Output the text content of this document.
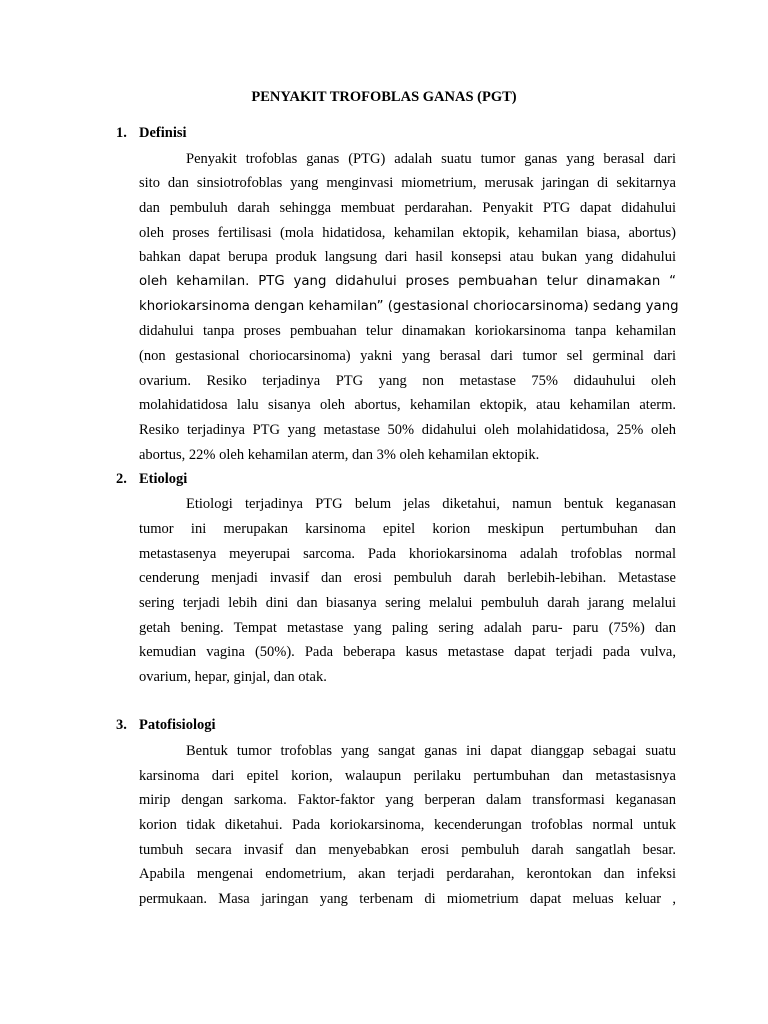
PENYAKIT TROFOBLAS GANAS (PGT)
1. Definisi
Penyakit trofoblas ganas (PTG) adalah suatu tumor ganas yang berasal dari
sito dan sinsiotrofoblas yang menginvasi miometrium, merusak jaringan di sekitarnya
dan pembuluh darah sehingga membuat perdarahan. Penyakit PTG dapat didahului
oleh proses fertilisasi (mola hidatidosa, kehamilan ektopik, kehamilan biasa, abortus)
bahkan dapat berupa produk langsung dari hasil konsepsi atau bukan yang didahului
oleh kehamilan. PTG yang didahului proses pembuahan telur dinamakan “
khoriokarsinoma dengan kehamilan” (gestasional choriocarsinoma) sedang yang
didahului tanpa proses pembuahan telur dinamakan koriokarsinoma tanpa kehamilan
(non gestasional choriocarsinoma) yakni yang berasal dari tumor sel germinal dari
ovarium. Resiko terjadinya PTG yang non metastase 75% didauhului oleh
molahidatidosa lalu sisanya oleh abortus, kehamilan ektopik, atau kehamilan aterm.
Resiko terjadinya PTG yang metastase 50% didahului oleh molahidatidosa, 25% oleh
abortus, 22% oleh kehamilan aterm, dan 3% oleh kehamilan ektopik.
2. Etiologi
Etiologi terjadinya PTG belum jelas diketahui, namun bentuk keganasan
tumor ini merupakan karsinoma epitel korion meskipun pertumbuhan dan
metastasenya meyerupai sarcoma. Pada khoriokarsinoma adalah trofoblas normal
cenderung menjadi invasif dan erosi pembuluh darah berlebih-lebihan. Metastase
sering terjadi lebih dini dan biasanya sering melalui pembuluh darah jarang melalui
getah bening. Tempat metastase yang paling sering adalah paru- paru (75%) dan
kemudian vagina (50%). Pada beberapa kasus metastase dapat terjadi pada vulva,
ovarium, hepar, ginjal, dan otak.
3. Patofisiologi
Bentuk tumor trofoblas yang sangat ganas ini dapat dianggap sebagai suatu
karsinoma dari epitel korion, walaupun perilaku pertumbuhan dan metastasisnya
mirip dengan sarkoma. Faktor-faktor yang berperan dalam transformasi keganasan
korion tidak diketahui. Pada koriokarsinoma, kecenderungan trofoblas normal untuk
tumbuh secara invasif dan menyebabkan erosi pembuluh darah sangatlah besar.
Apabila mengenai endometrium, akan terjadi perdarahan, kerontokan dan infeksi
permukaan. Masa jaringan yang terbenam di miometrium dapat meluas keluar ,
